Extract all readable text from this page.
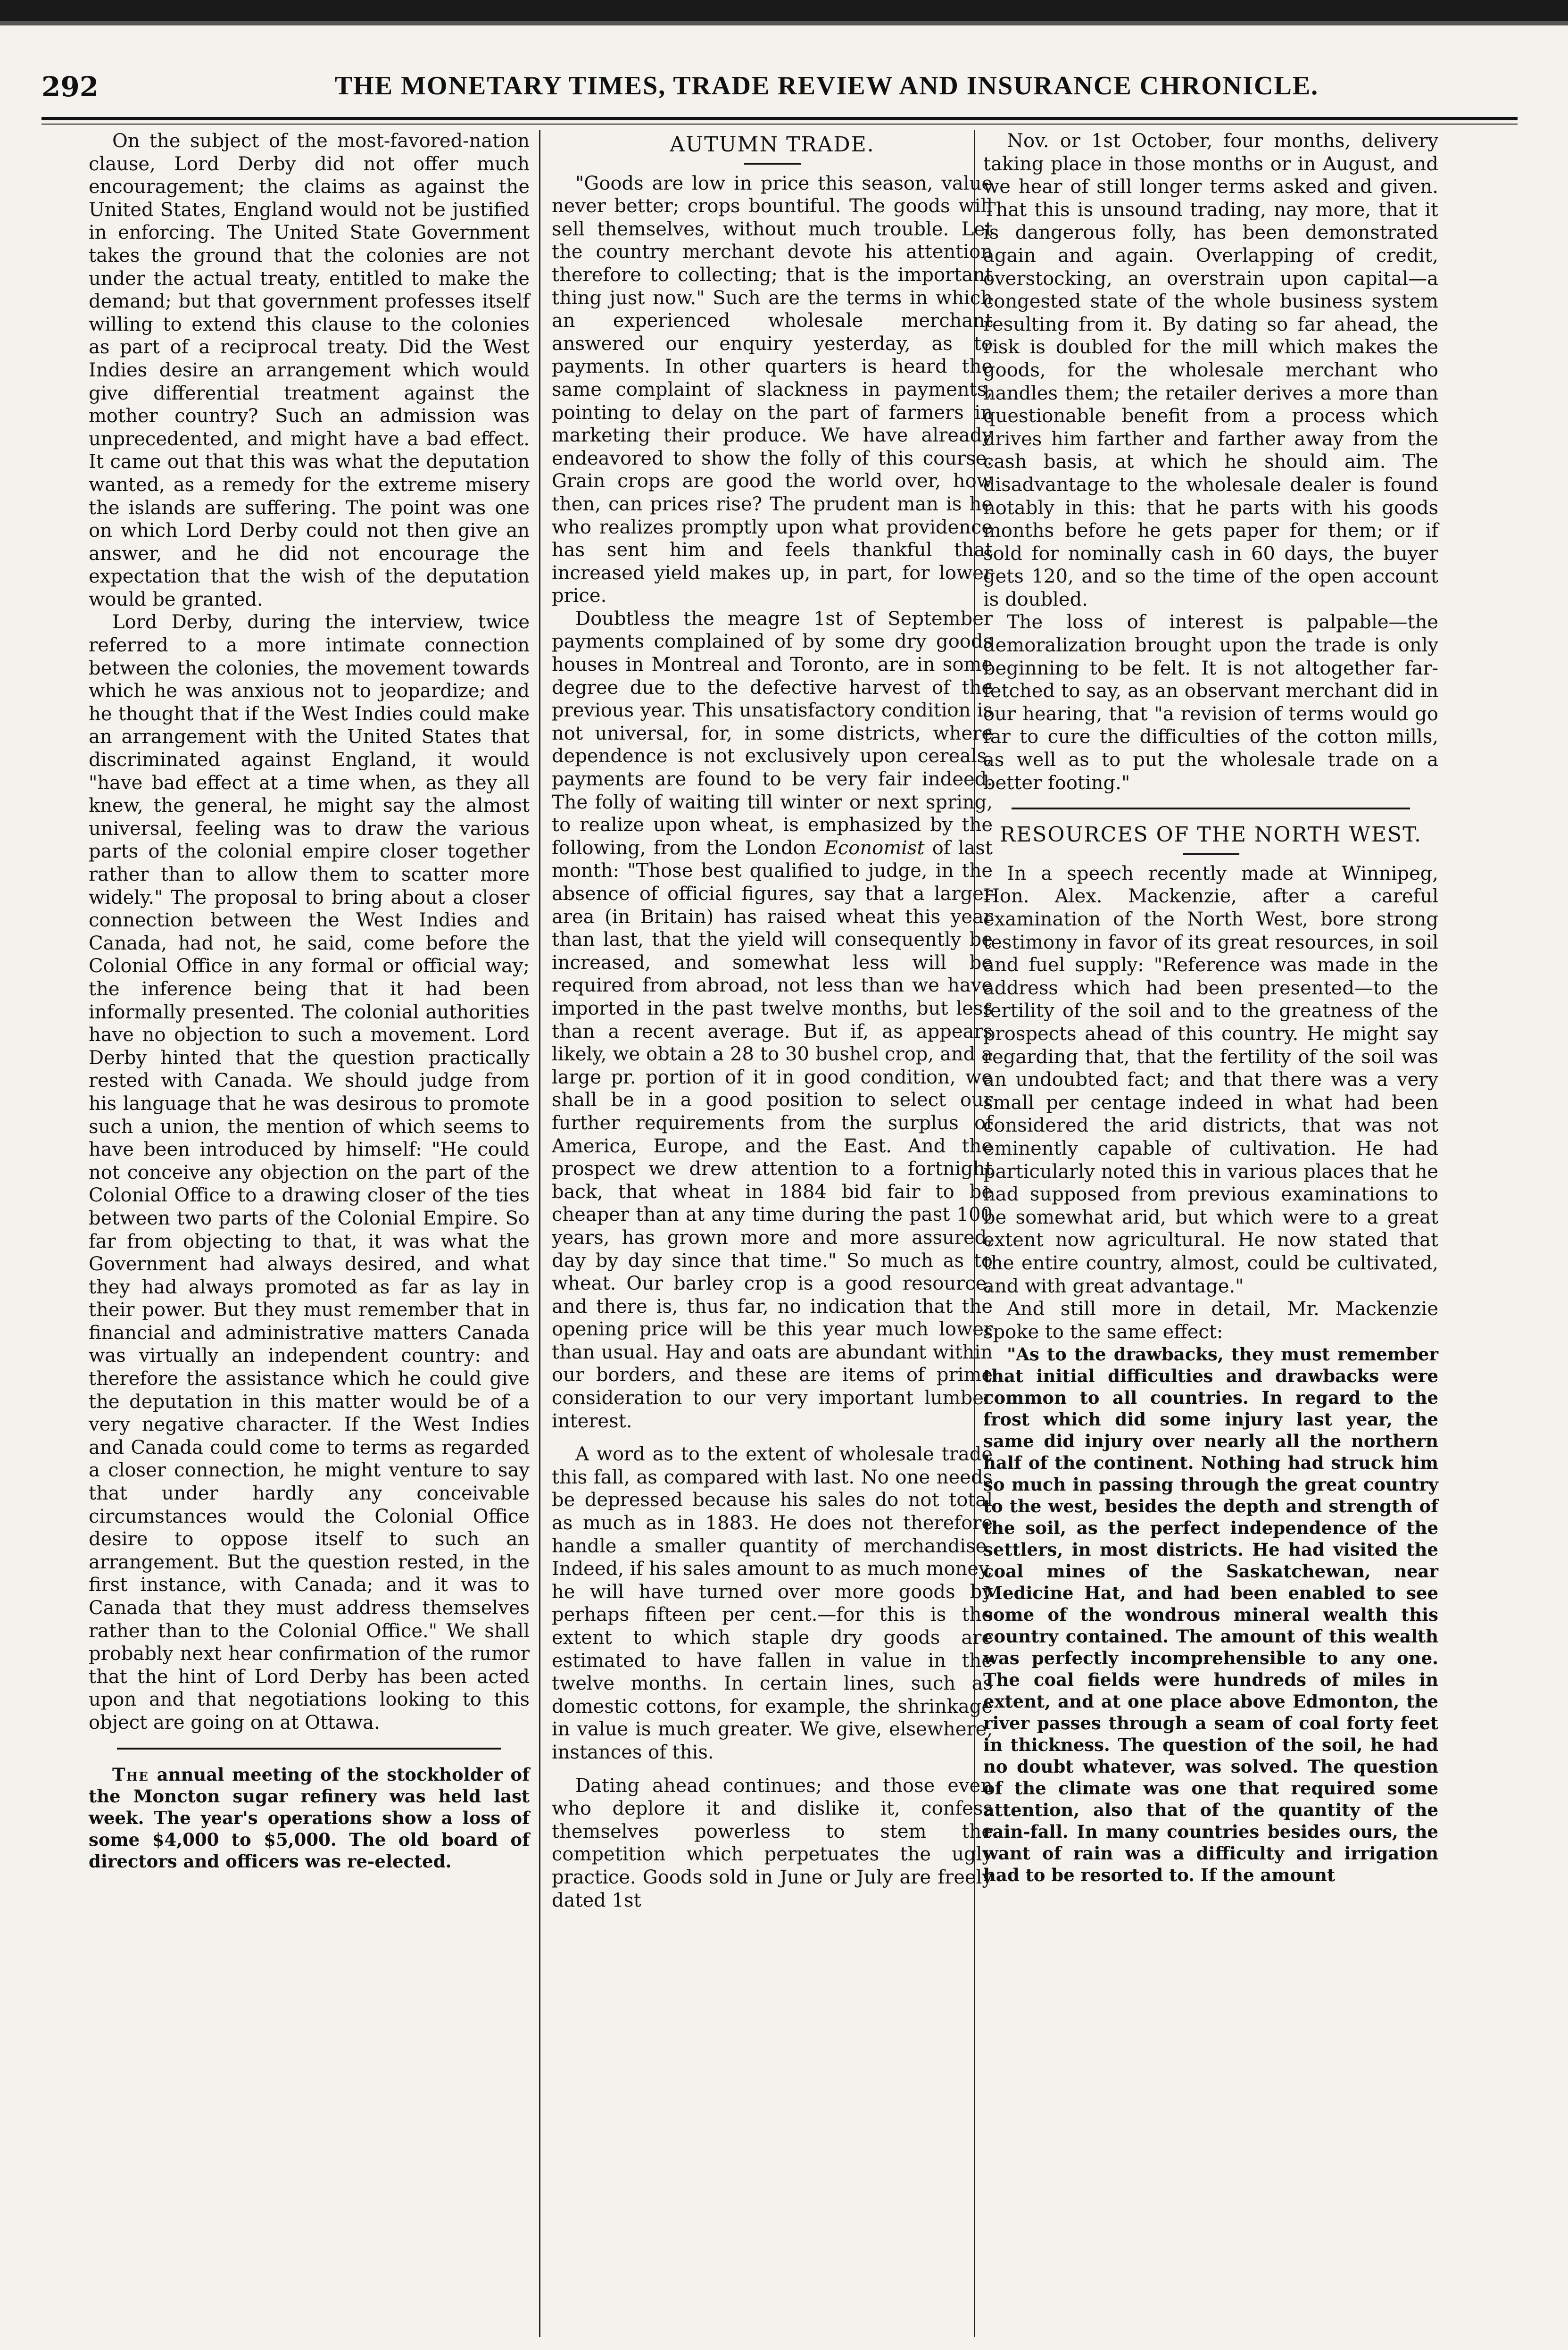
292	THE MONETARY TIMES, TRADE REVIEW AND INSURANCE CHRONICLE.

On the subject of the most-favored-nation clause, Lord Derby did not offer much encouragement; the claims as against the United States, England would not be justified in enforcing. The United State Government takes the ground that the colonies are not under the actual treaty, entitled to make the demand; but that government professes itself willing to extend this clause to the colonies as part of a reciprocal treaty. Did the West Indies desire an arrangement which would give differential treatment against the mother country? Such an admission was unprecedented, and might have a bad effect. It came out that this was what the deputation wanted, as a remedy for the extreme misery the islands are suffering. The point was one on which Lord Derby could not then give an answer, and he did not encourage the expectation that the wish of the deputation would be granted.

Lord Derby, during the interview, twice referred to a more intimate connection between the colonies, the movement towards which he was anxious not to jeopardize; and he thought that if the West Indies could make an arrangement with the United States that discriminated against England, it would "have bad effect at a time when, as they all knew, the general, he might say the almost universal, feeling was to draw the various parts of the colonial empire closer together rather than to allow them to scatter more widely." The proposal to bring about a closer connection between the West Indies and Canada, had not, he said, come before the Colonial Office in any formal or official way; the inference being that it had been informally presented. The colonial authorities have no objection to such a movement. Lord Derby hinted that the question practically rested with Canada. We should judge from his language that he was desirous to promote such a union, the mention of which seems to have been introduced by himself: "He could not conceive any objection on the part of the Colonial Office to a drawing closer of the ties between two parts of the Colonial Empire. So far from objecting to that, it was what the Government had always desired, and what they had always promoted as far as lay in their power. But they must remember that in financial and administrative matters Canada was virtually an independent country: and therefore the assistance which he could give the deputation in this matter would be of a very negative character. If the West Indies and Canada could come to terms as regarded a closer connection, he might venture to say that under hardly any conceivable circumstances would the Colonial Office desire to oppose itself to such an arrangement. But the question rested, in the first instance, with Canada; and it was to Canada that they must address themselves rather than to the Colonial Office." We shall probably next hear confirmation of the rumor that the hint of Lord Derby has been acted upon and that negotiations looking to this object are going on at Ottawa.

The annual meeting of the stockholder of the Moncton sugar refinery was held last week. The year's operations show a loss of some $4,000 to $5,000. The old board of directors and officers was re-elected.

AUTUMN TRADE.

"Goods are low in price this season, value never better; crops bountiful. The goods will sell themselves, without much trouble. Let the country merchant devote his attention therefore to collecting; that is the important thing just now." Such are the terms in which an experienced wholesale merchant answered our enquiry yesterday, as to payments. In other quarters is heard the same complaint of slackness in payments, pointing to delay on the part of farmers in marketing their produce. We have already endeavored to show the folly of this course. Grain crops are good the world over, how then, can prices rise? The prudent man is he who realizes promptly upon what providence has sent him and feels thankful that increased yield makes up, in part, for lower price.

Doubtless the meagre 1st of September payments complained of by some dry goods houses in Montreal and Toronto, are in some degree due to the defective harvest of the previous year. This unsatisfactory condition is not universal, for, in some districts, where dependence is not exclusively upon cereals, payments are found to be very fair indeed. The folly of waiting till winter or next spring, to realize upon wheat, is emphasized by the following, from the London Economist of last month: "Those best qualified to judge, in the absence of official figures, say that a larger area (in Britain) has raised wheat this year than last, that the yield will consequently be increased, and somewhat less will be required from abroad, not less than we have imported in the past twelve months, but less than a recent average. But if, as appears likely, we obtain a 28 to 30 bushel crop, and a large pr. portion of it in good condition, we shall be in a good position to select our further requirements from the surplus of America, Europe, and the East. And the prospect we drew attention to a fortnight back, that wheat in 1884 bid fair to be cheaper than at any time during the past 100 years, has grown more and more assured, day by day since that time." So much as to wheat. Our barley crop is a good resource, and there is, thus far, no indication that the opening price will be this year much lower than usual. Hay and oats are abundant within our borders, and these are items of prime consideration to our very important lumber interest.

A word as to the extent of wholesale trade this fall, as compared with last. No one needs be depressed because his sales do not total as much as in 1883. He does not therefore handle a smaller quantity of merchandise. Indeed, if his sales amount to as much money, he will have turned over more goods by perhaps fifteen per cent.—for this is the extent to which staple dry goods are estimated to have fallen in value in the twelve months. In certain lines, such as domestic cottons, for example, the shrinkage in value is much greater. We give, elsewhere, instances of this.

Dating ahead continues; and those even who deplore it and dislike it, confess themselves powerless to stem the competition which perpetuates the ugly practice. Goods sold in June or July are freely dated 1st

Nov. or 1st October, four months, delivery taking place in those months or in August, and we hear of still longer terms asked and given. That this is unsound trading, nay more, that it is dangerous folly, has been demonstrated again and again. Overlapping of credit, overstocking, an overstrain upon capital—a congested state of the whole business system resulting from it. By dating so far ahead, the risk is doubled for the mill which makes the goods, for the wholesale merchant who handles them; the retailer derives a more than questionable benefit from a process which drives him farther and farther away from the cash basis, at which he should aim. The disadvantage to the wholesale dealer is found notably in this: that he parts with his goods months before he gets paper for them; or if sold for nominally cash in 60 days, the buyer gets 120, and so the time of the open account is doubled.

The loss of interest is palpable—the demoralization brought upon the trade is only beginning to be felt. It is not altogether far-fetched to say, as an observant merchant did in our hearing, that "a revision of terms would go far to cure the difficulties of the cotton mills, as well as to put the wholesale trade on a better footing."

RESOURCES OF THE NORTH WEST.

In a speech recently made at Winnipeg, Hon. Alex. Mackenzie, after a careful examination of the North West, bore strong testimony in favor of its great resources, in soil and fuel supply: "Reference was made in the address which had been presented—to the fertility of the soil and to the greatness of the prospects ahead of this country. He might say regarding that, that the fertility of the soil was an undoubted fact; and that there was a very small per centage indeed in what had been considered the arid districts, that was not eminently capable of cultivation. He had particularly noted this in various places that he had supposed from previous examinations to be somewhat arid, but which were to a great extent now agricultural. He now stated that the entire country, almost, could be cultivated, and with great advantage."

And still more in detail, Mr. Mackenzie spoke to the same effect:

"As to the drawbacks, they must remember that initial difficulties and drawbacks were common to all countries. In regard to the frost which did some injury last year, the same did injury over nearly all the northern half of the continent. Nothing had struck him so much in passing through the great country to the west, besides the depth and strength of the soil, as the perfect independence of the settlers, in most districts. He had visited the coal mines of the Saskatchewan, near Medicine Hat, and had been enabled to see some of the wondrous mineral wealth this country contained. The amount of this wealth was perfectly incomprehensible to any one. The coal fields were hundreds of miles in extent, and at one place above Edmonton, the river passes through a seam of coal forty feet in thickness. The question of the soil, he had no doubt whatever, was solved. The question of the climate was one that required some attention, also that of the quantity of the rain-fall. In many countries besides ours, the want of rain was a difficulty and irrigation had to be resorted to. If the amount
